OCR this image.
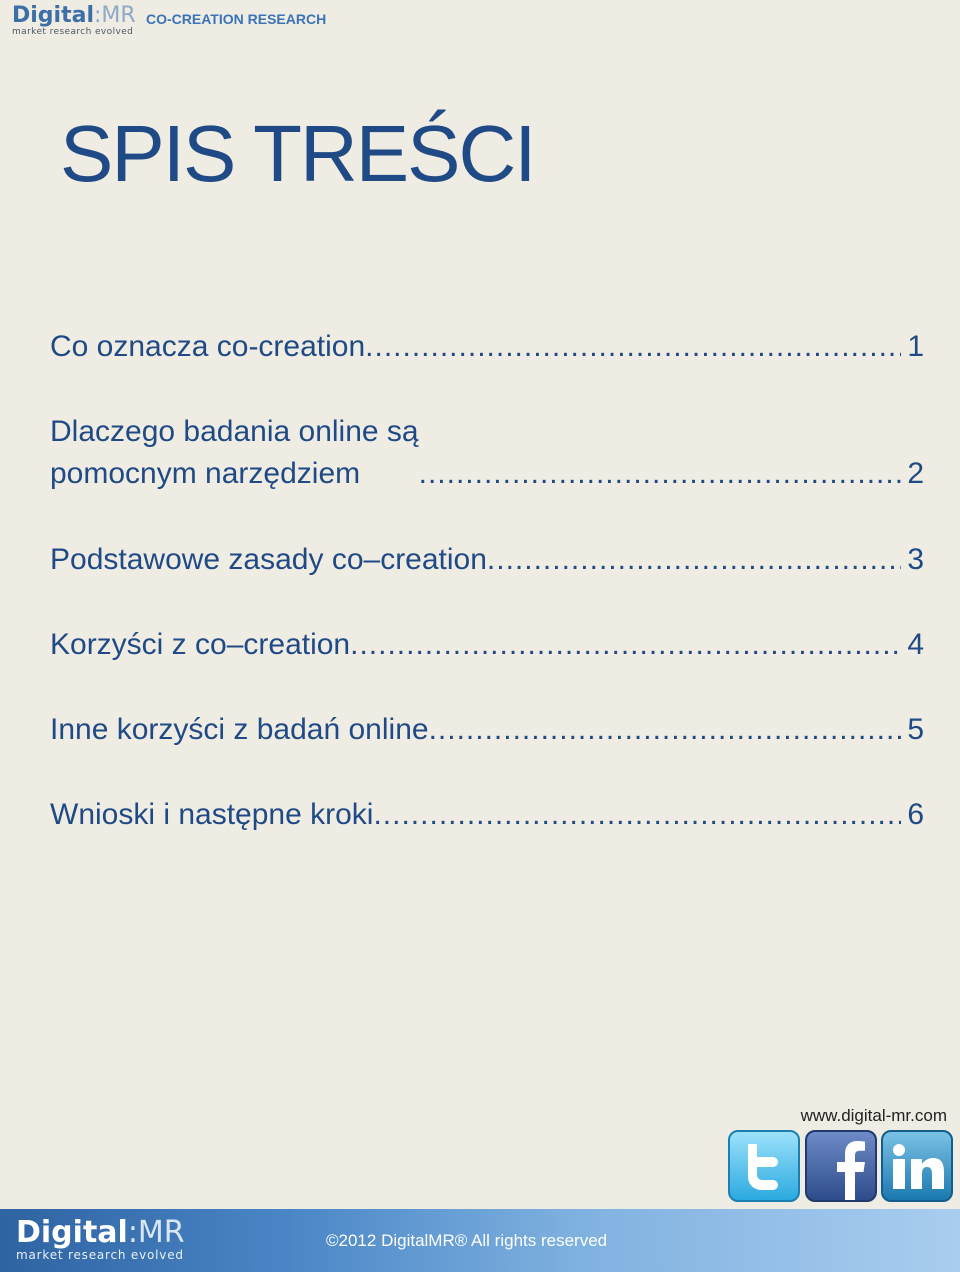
Digital:MR
market research evolved
CO-CREATION RESEARCH
SPIS TREŚCI
Co oznacza co-creation .....	1
Dlaczego badania online są
pomocnym narzędziem .....	2
Podstawowe zasady co–creation .....	3
Korzyści z co–creation .....	4
Inne korzyści z badań online .....	5
Wnioski i następne kroki .....	6
www.digital-mr.com
Digital:MR
market research evolved
©2012 DigitalMR® All rights reserved
